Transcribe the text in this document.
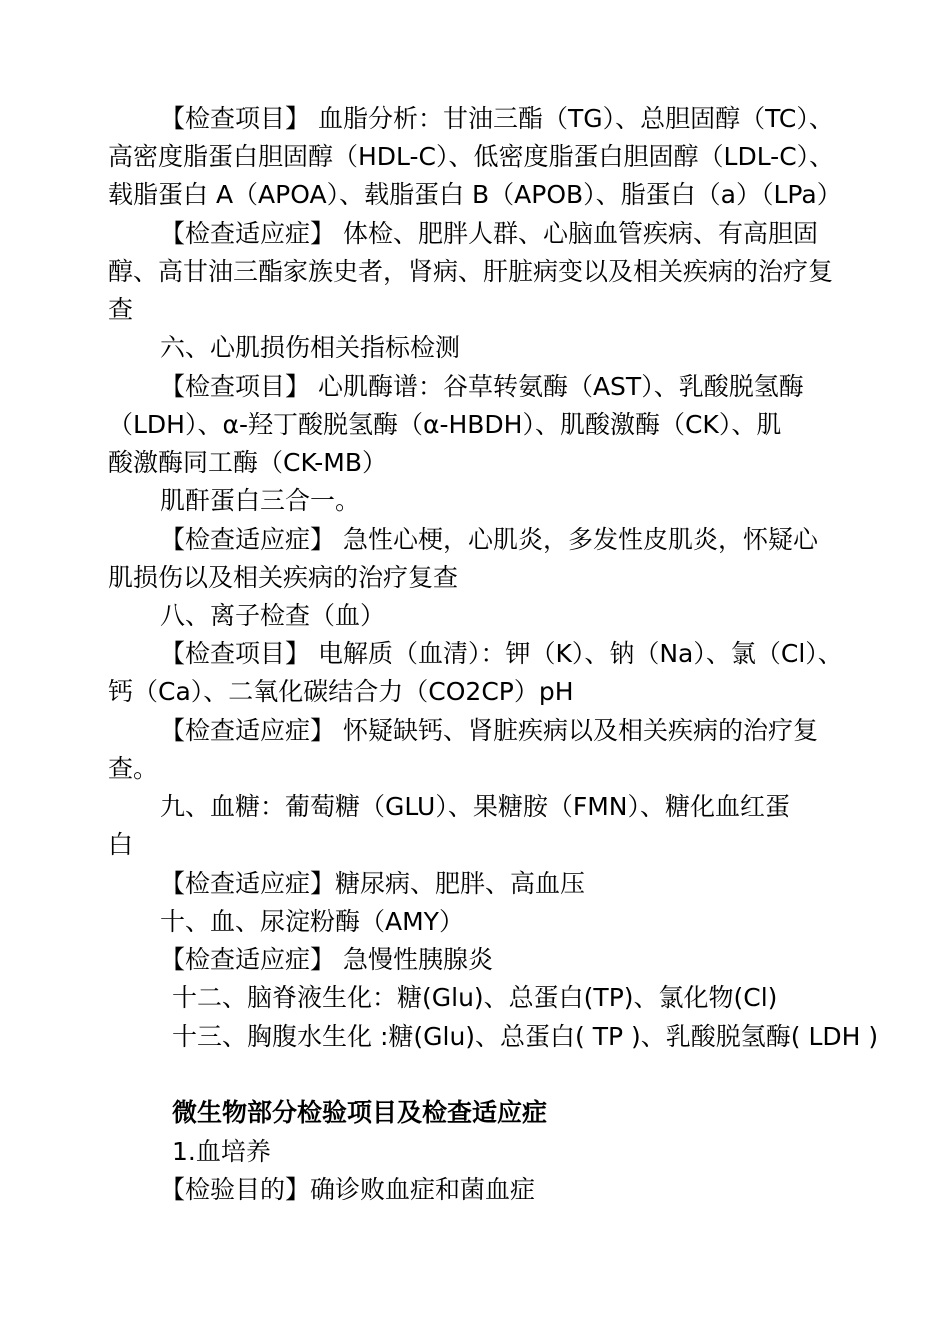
【检查项目】 血脂分析：甘油三酯（TG）、总胆固醇（TC）、
高密度脂蛋白胆固醇（HDL-C）、低密度脂蛋白胆固醇（LDL-C）、
载脂蛋白 A（APOA）、载脂蛋白 B（APOB）、脂蛋白（a）（LPa）
【检查适应症】 体检、肥胖人群、心脑血管疾病、有高胆固
醇、高甘油三酯家族史者，肾病、肝脏病变以及相关疾病的治疗复
查
六、心肌损伤相关指标检测
【检查项目】 心肌酶谱：谷草转氨酶（AST）、乳酸脱氢酶
（LDH）、α-羟丁酸脱氢酶（α-HBDH）、肌酸激酶（CK）、肌
酸激酶同工酶（CK-MB）
肌酐蛋白三合一。
【检查适应症】 急性心梗，心肌炎，多发性皮肌炎，怀疑心
肌损伤以及相关疾病的治疗复查
八、离子检查（血）
【检查项目】 电解质（血清）：钾（K）、钠（Na）、氯（Cl）、
钙（Ca）、二氧化碳结合力（CO2CP）pH
【检查适应症】 怀疑缺钙、肾脏疾病以及相关疾病的治疗复
查。
九、血糖：葡萄糖（GLU）、果糖胺（FMN）、糖化血红蛋
白
【检查适应症】糖尿病、肥胖、高血压
十、血、尿淀粉酶（AMY）
【检查适应症】 急慢性胰腺炎
十二、脑脊液生化：糖(Glu)、总蛋白(TP)、氯化物(Cl)
十三、胸腹水生化 :糖(Glu)、总蛋白( TP )、乳酸脱氢酶( LDH )
微生物部分检验项目及检查适应症
1.血培养
【检验目的】确诊败血症和菌血症
